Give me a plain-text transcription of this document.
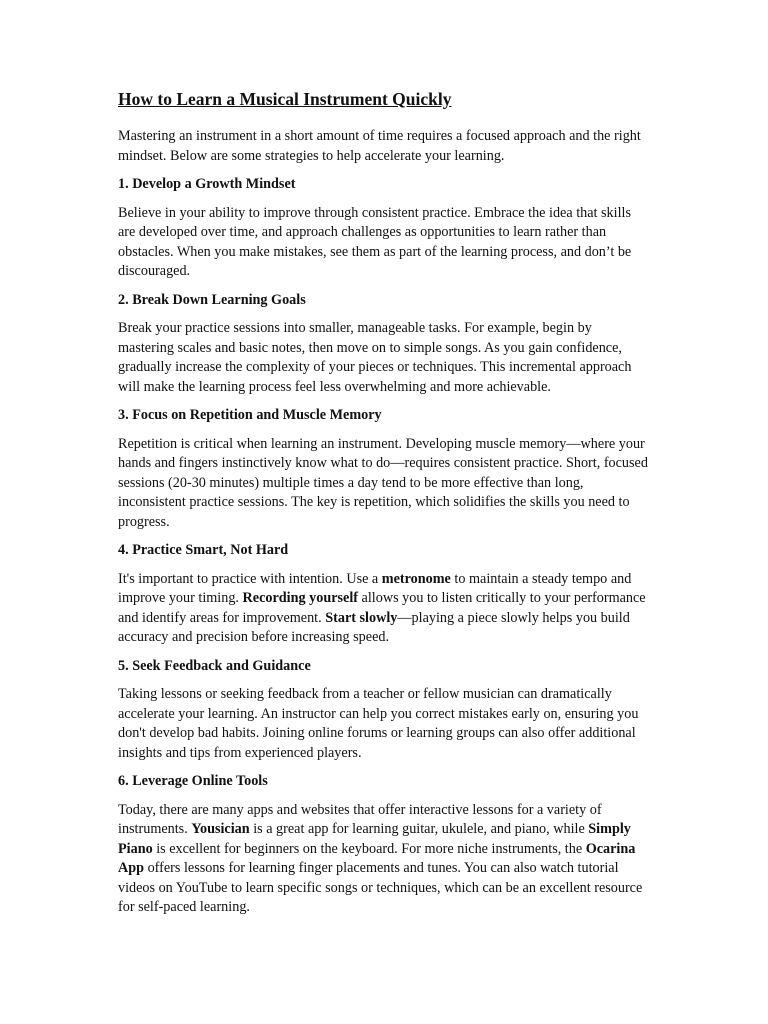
How to Learn a Musical Instrument Quickly

Mastering an instrument in a short amount of time requires a focused approach and the right mindset. Below are some strategies to help accelerate your learning.

1. Develop a Growth Mindset

Believe in your ability to improve through consistent practice. Embrace the idea that skills are developed over time, and approach challenges as opportunities to learn rather than obstacles. When you make mistakes, see them as part of the learning process, and don’t be discouraged.

2. Break Down Learning Goals

Break your practice sessions into smaller, manageable tasks. For example, begin by mastering scales and basic notes, then move on to simple songs. As you gain confidence, gradually increase the complexity of your pieces or techniques. This incremental approach will make the learning process feel less overwhelming and more achievable.

3. Focus on Repetition and Muscle Memory

Repetition is critical when learning an instrument. Developing muscle memory—where your hands and fingers instinctively know what to do—requires consistent practice. Short, focused sessions (20-30 minutes) multiple times a day tend to be more effective than long, inconsistent practice sessions. The key is repetition, which solidifies the skills you need to progress.

4. Practice Smart, Not Hard

It's important to practice with intention. Use a metronome to maintain a steady tempo and improve your timing. Recording yourself allows you to listen critically to your performance and identify areas for improvement. Start slowly—playing a piece slowly helps you build accuracy and precision before increasing speed.

5. Seek Feedback and Guidance

Taking lessons or seeking feedback from a teacher or fellow musician can dramatically accelerate your learning. An instructor can help you correct mistakes early on, ensuring you don't develop bad habits. Joining online forums or learning groups can also offer additional insights and tips from experienced players.

6. Leverage Online Tools

Today, there are many apps and websites that offer interactive lessons for a variety of instruments. Yousician is a great app for learning guitar, ukulele, and piano, while Simply Piano is excellent for beginners on the keyboard. For more niche instruments, the Ocarina App offers lessons for learning finger placements and tunes. You can also watch tutorial videos on YouTube to learn specific songs or techniques, which can be an excellent resource for self-paced learning.
